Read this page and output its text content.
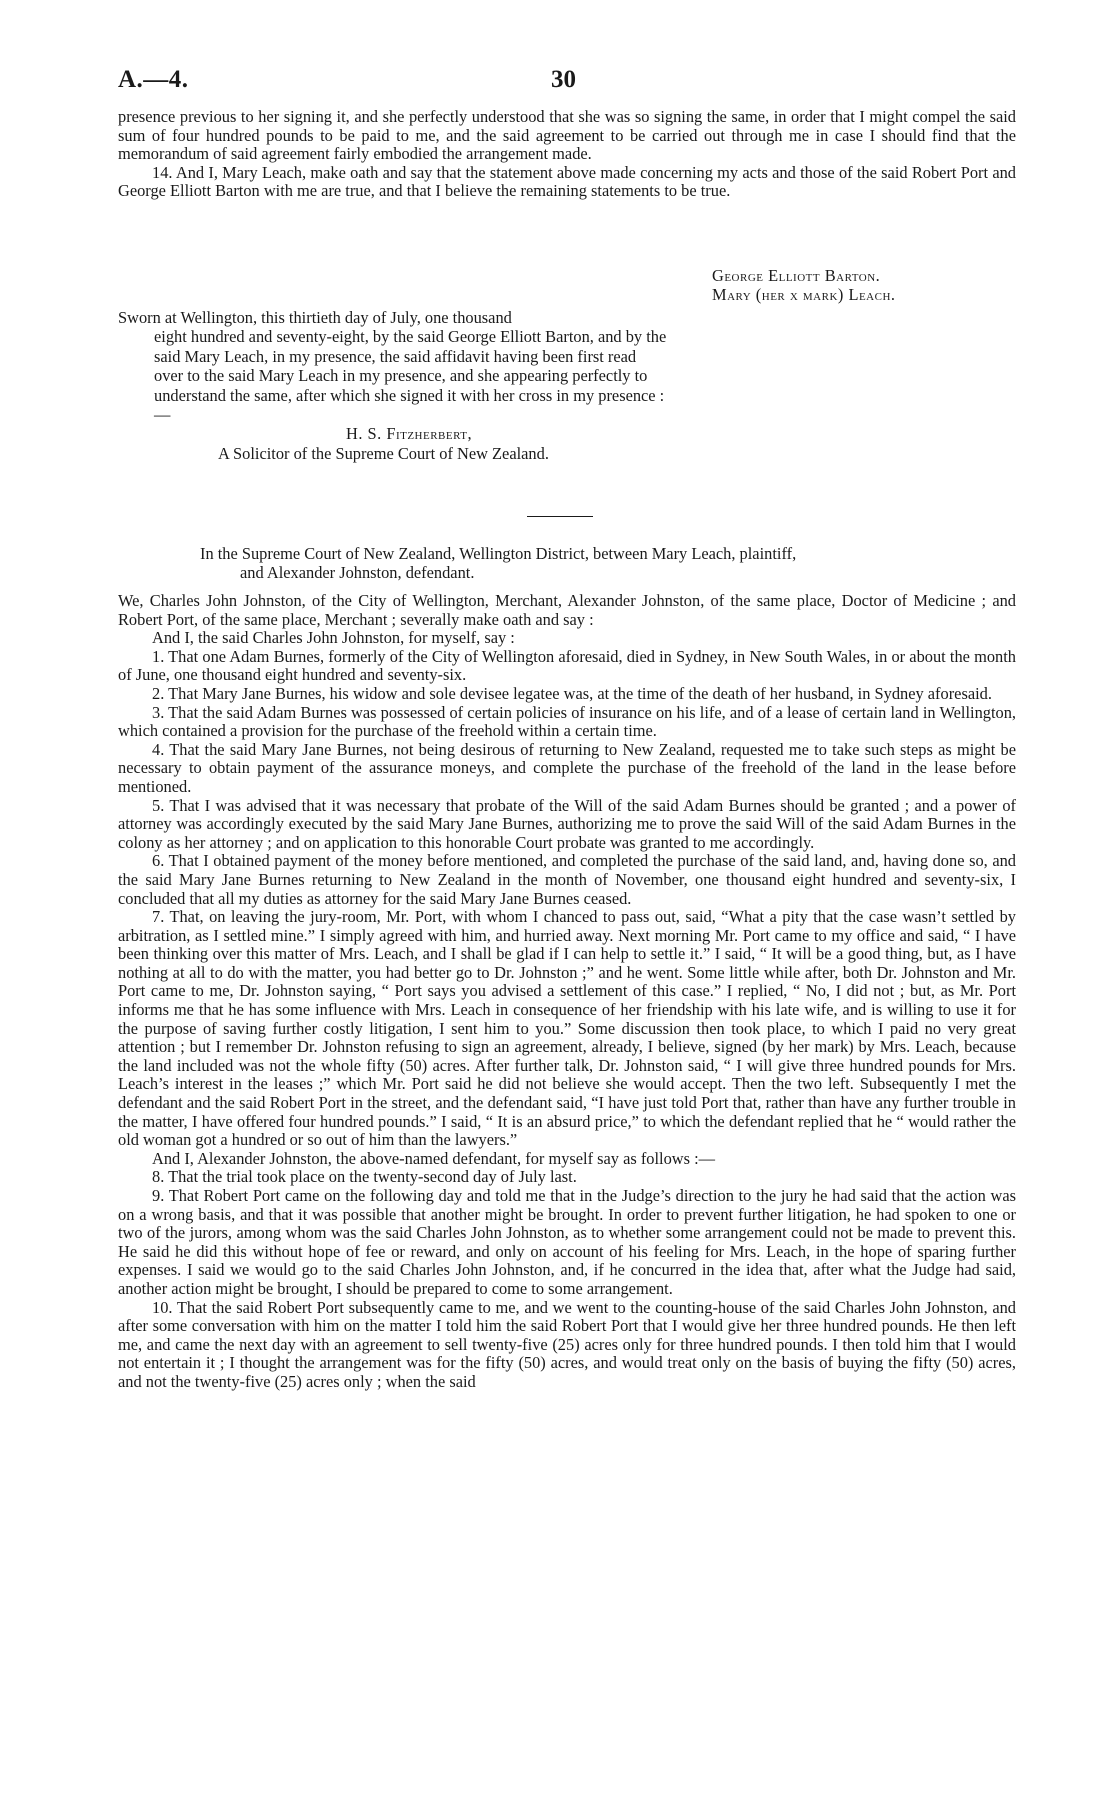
A.—4.	30

presence previous to her signing it, and she perfectly understood that she was so signing the same, in order that I might compel the said sum of four hundred pounds to be paid to me, and the said agreement to be carried out through me in case I should find that the memorandum of said agreement fairly embodied the arrangement made.

14. And I, Mary Leach, make oath and say that the statement above made concerning my acts and those of the said Robert Port and George Elliott Barton with me are true, and that I believe the remaining statements to be true.

George Elliott Barton.
Mary (her x mark) Leach.
Sworn at Wellington, this thirtieth day of July, one thousand
eight hundred and seventy-eight, by the said George Elliott Barton, and by the said Mary Leach, in my presence, the said affidavit having been first read over to the said Mary Leach in my presence, and she appearing perfectly to understand the same, after which she signed it with her cross in my presence :—
H. S. Fitzherbert,
A Solicitor of the Supreme Court of New Zealand.
In the Supreme Court of New Zealand, Wellington District, between Mary Leach, plaintiff,
and Alexander Johnston, defendant.

We, Charles John Johnston, of the City of Wellington, Merchant, Alexander Johnston, of the same place, Doctor of Medicine ; and Robert Port, of the same place, Merchant ; severally make oath and say :

And I, the said Charles John Johnston, for myself, say :

1. That one Adam Burnes, formerly of the City of Wellington aforesaid, died in Sydney, in New South Wales, in or about the month of June, one thousand eight hundred and seventy-six.

2. That Mary Jane Burnes, his widow and sole devisee legatee was, at the time of the death of her husband, in Sydney aforesaid.

3. That the said Adam Burnes was possessed of certain policies of insurance on his life, and of a lease of certain land in Wellington, which contained a provision for the purchase of the freehold within a certain time.

4. That the said Mary Jane Burnes, not being desirous of returning to New Zealand, requested me to take such steps as might be necessary to obtain payment of the assurance moneys, and complete the purchase of the freehold of the land in the lease before mentioned.

5. That I was advised that it was necessary that probate of the Will of the said Adam Burnes should be granted ; and a power of attorney was accordingly executed by the said Mary Jane Burnes, authorizing me to prove the said Will of the said Adam Burnes in the colony as her attorney ; and on application to this honorable Court probate was granted to me accordingly.

6. That I obtained payment of the money before mentioned, and completed the purchase of the said land, and, having done so, and the said Mary Jane Burnes returning to New Zealand in the month of November, one thousand eight hundred and seventy-six, I concluded that all my duties as attorney for the said Mary Jane Burnes ceased.

7. That, on leaving the jury-room, Mr. Port, with whom I chanced to pass out, said, “What a pity that the case wasn’t settled by arbitration, as I settled mine.” I simply agreed with him, and hurried away. Next morning Mr. Port came to my office and said, “ I have been thinking over this matter of Mrs. Leach, and I shall be glad if I can help to settle it.” I said, “ It will be a good thing, but, as I have nothing at all to do with the matter, you had better go to Dr. Johnston ;” and he went. Some little while after, both Dr. Johnston and Mr. Port came to me, Dr. Johnston saying, “ Port says you advised a settlement of this case.” I replied, “ No, I did not ; but, as Mr. Port informs me that he has some influence with Mrs. Leach in consequence of her friendship with his late wife, and is willing to use it for the purpose of saving further costly litigation, I sent him to you.” Some discussion then took place, to which I paid no very great attention ; but I remember Dr. Johnston refusing to sign an agreement, already, I believe, signed (by her mark) by Mrs. Leach, because the land included was not the whole fifty (50) acres. After further talk, Dr. Johnston said, “ I will give three hundred pounds for Mrs. Leach’s interest in the leases ;” which Mr. Port said he did not believe she would accept. Then the two left. Subsequently I met the defendant and the said Robert Port in the street, and the defendant said, “I have just told Port that, rather than have any further trouble in the matter, I have offered four hundred pounds.” I said, “ It is an absurd price,” to which the defendant replied that he “ would rather the old woman got a hundred or so out of him than the lawyers.”

And I, Alexander Johnston, the above-named defendant, for myself say as follows :—

8. That the trial took place on the twenty-second day of July last.

9. That Robert Port came on the following day and told me that in the Judge’s direction to the jury he had said that the action was on a wrong basis, and that it was possible that another might be brought. In order to prevent further litigation, he had spoken to one or two of the jurors, among whom was the said Charles John Johnston, as to whether some arrangement could not be made to prevent this. He said he did this without hope of fee or reward, and only on account of his feeling for Mrs. Leach, in the hope of sparing further expenses. I said we would go to the said Charles John Johnston, and, if he concurred in the idea that, after what the Judge had said, another action might be brought, I should be prepared to come to some arrangement.

10. That the said Robert Port subsequently came to me, and we went to the counting-house of the said Charles John Johnston, and after some conversation with him on the matter I told him the said Robert Port that I would give her three hundred pounds. He then left me, and came the next day with an agreement to sell twenty-five (25) acres only for three hundred pounds. I then told him that I would not entertain it ; I thought the arrangement was for the fifty (50) acres, and would treat only on the basis of buying the fifty (50) acres, and not the twenty-five (25) acres only ; when the said
